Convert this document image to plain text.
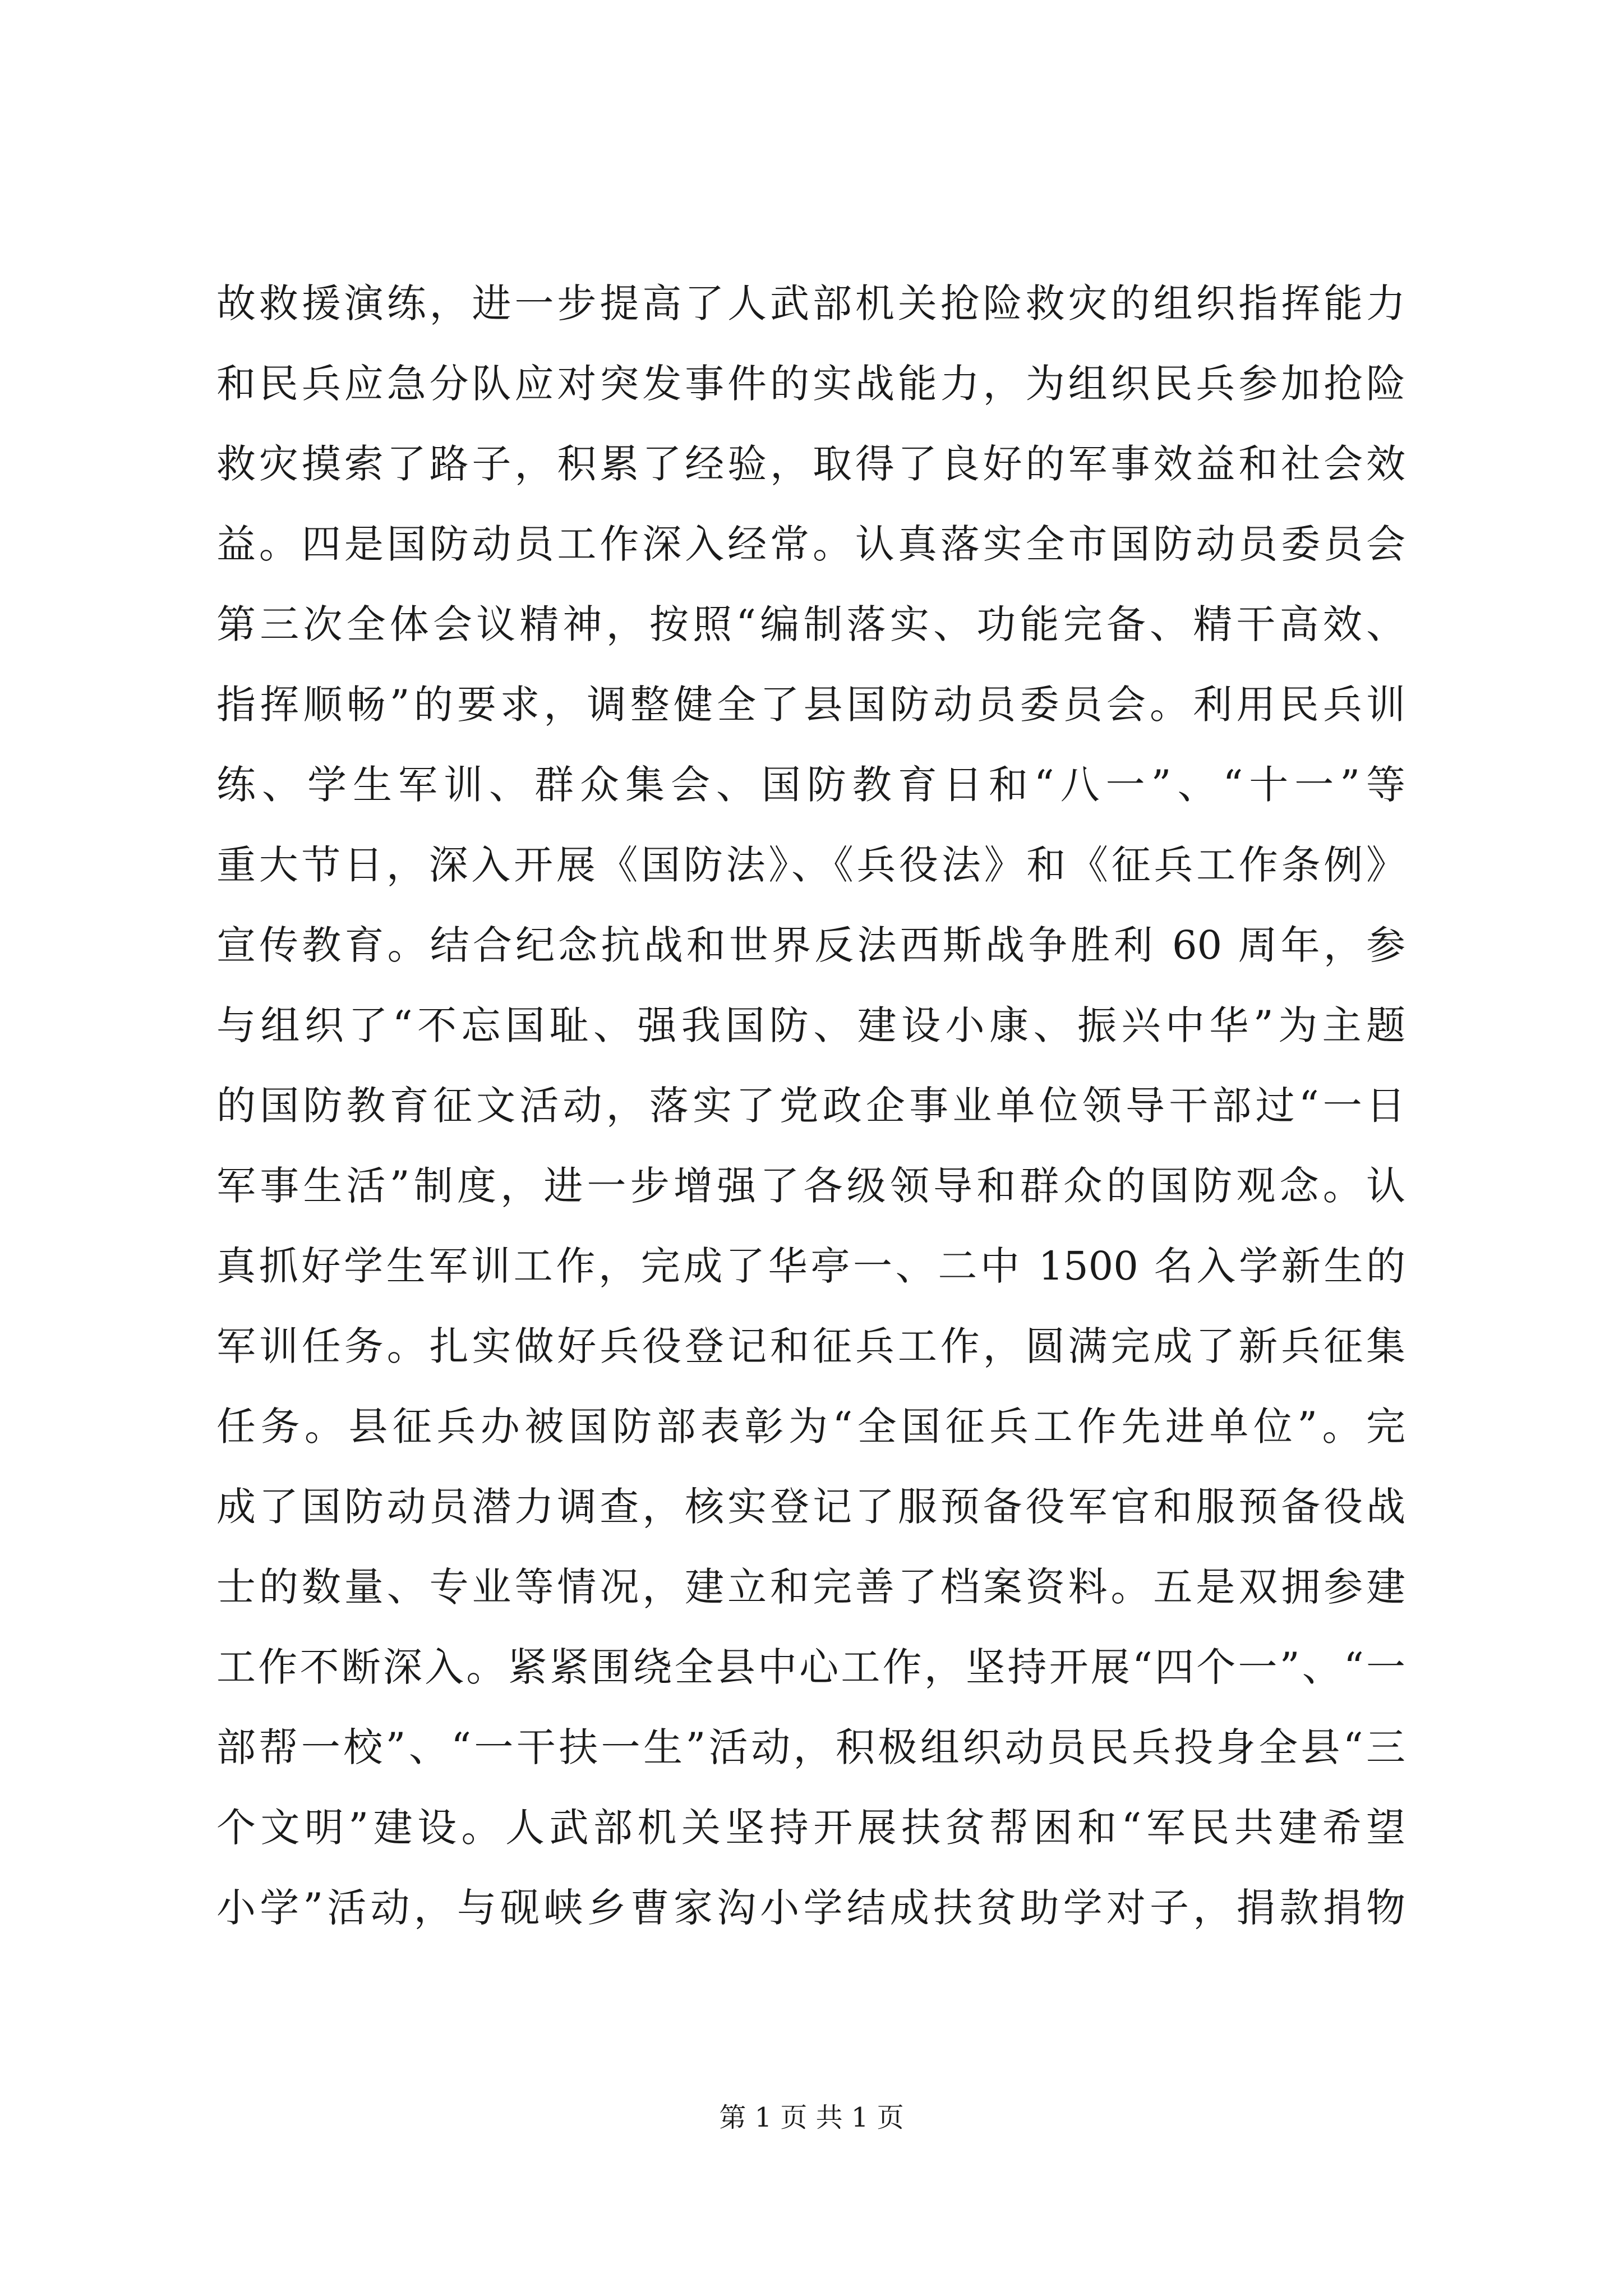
故救援演练，进一步提高了人武部机关抢险救灾的组织指挥能力
和民兵应急分队应对突发事件的实战能力，为组织民兵参加抢险
救灾摸索了路子，积累了经验，取得了良好的军事效益和社会效
益。四是国防动员工作深入经常。认真落实全市国防动员委员会
第三次全体会议精神，按照“编制落实、功能完备、精干高效、
指挥顺畅”的要求，调整健全了县国防动员委员会。利用民兵训
练、学生军训、群众集会、国防教育日和“八一”、“十一”等
重大节日，深入开展《国防法》、《兵役法》和《征兵工作条例》
宣传教育。结合纪念抗战和世界反法西斯战争胜利 60 周年，参
与组织了“不忘国耻、强我国防、建设小康、振兴中华”为主题
的国防教育征文活动，落实了党政企事业单位领导干部过“一日
军事生活”制度，进一步增强了各级领导和群众的国防观念。认
真抓好学生军训工作，完成了华亭一、二中 1500 名入学新生的
军训任务。扎实做好兵役登记和征兵工作，圆满完成了新兵征集
任务。县征兵办被国防部表彰为“全国征兵工作先进单位”。完
成了国防动员潜力调查，核实登记了服预备役军官和服预备役战
士的数量、专业等情况，建立和完善了档案资料。五是双拥参建
工作不断深入。紧紧围绕全县中心工作，坚持开展“四个一”、“一
部帮一校”、“一干扶一生”活动，积极组织动员民兵投身全县“三
个文明”建设。人武部机关坚持开展扶贫帮困和“军民共建希望
小学”活动，与砚峡乡曹家沟小学结成扶贫助学对子，捐款捐物
第 1 页 共 1 页
